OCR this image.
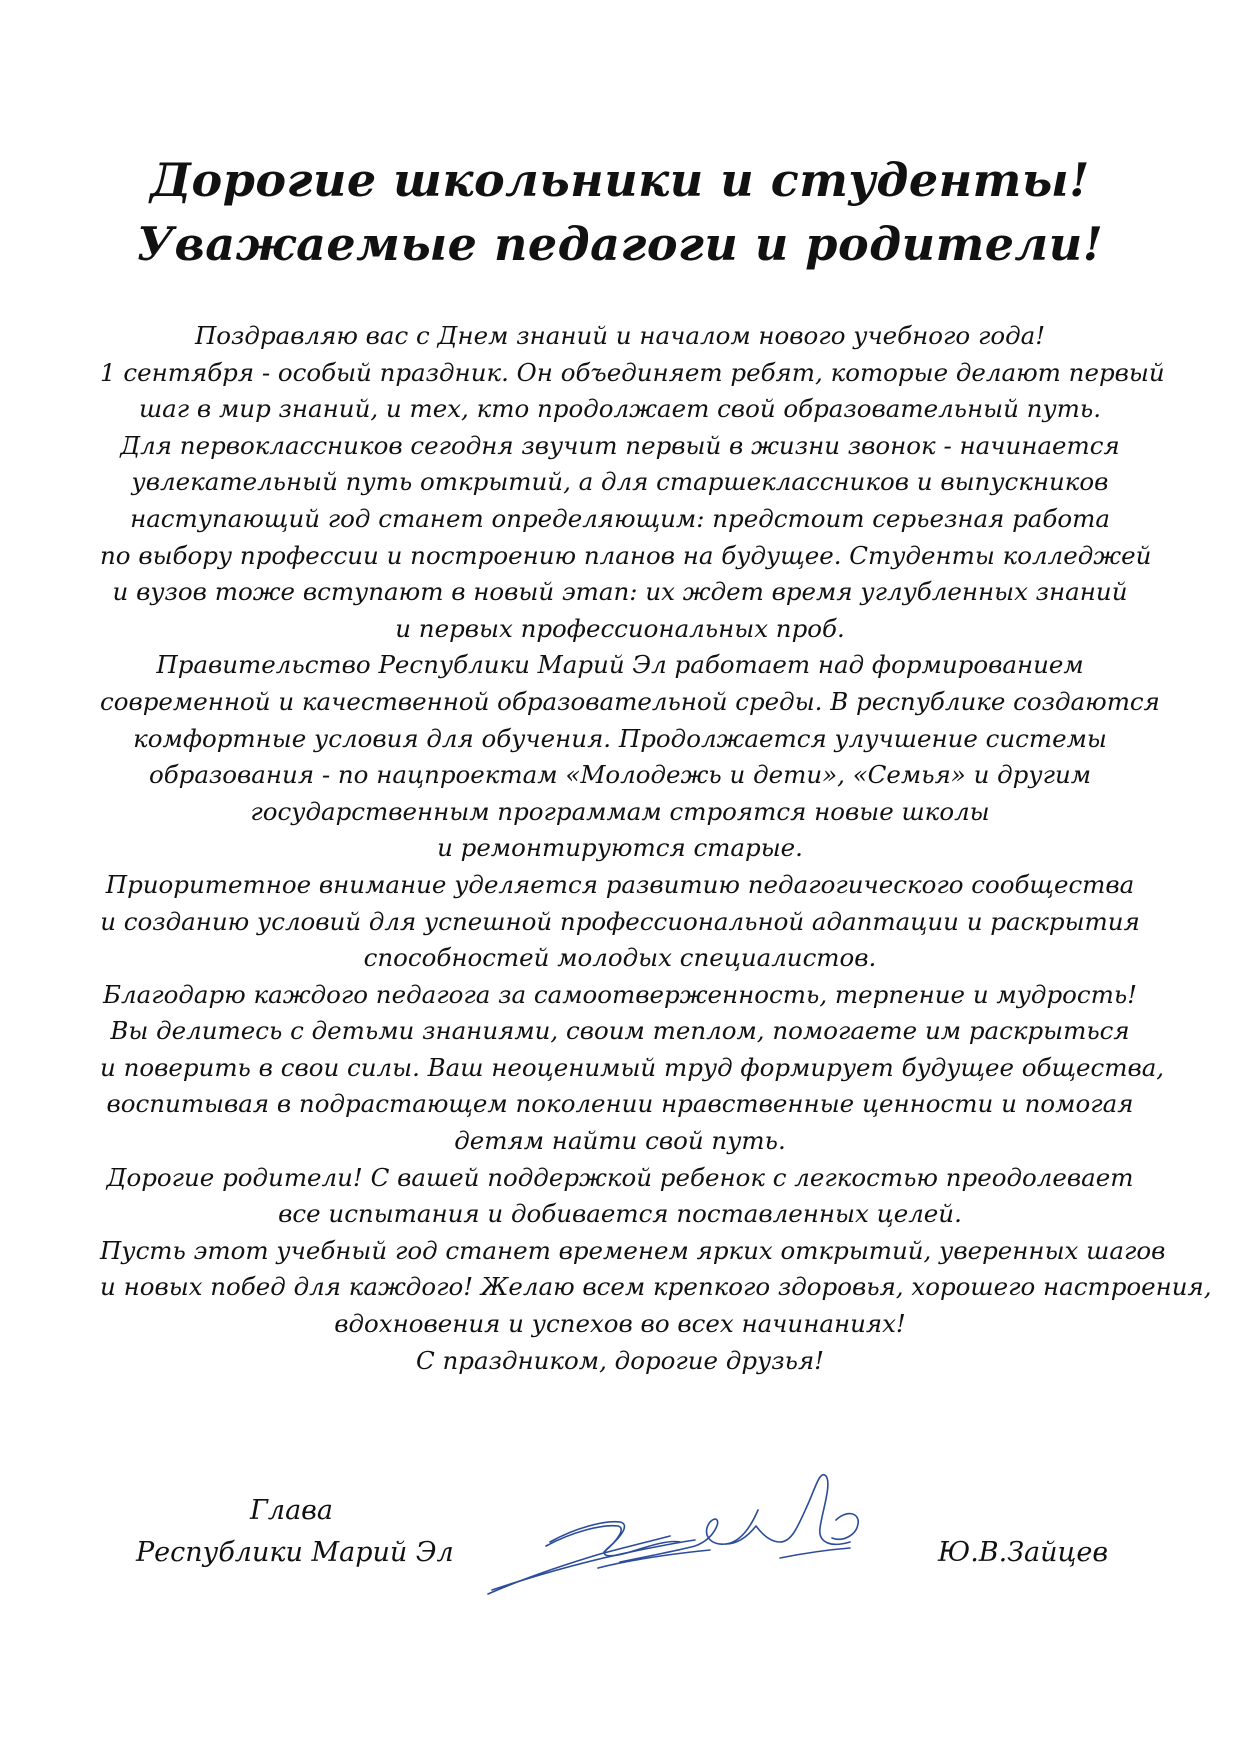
Дорогие школьники и студенты!
Уважаемые педагоги и родители!
Поздравляю вас с Днем знаний и началом нового учебного года!
1 сентября - особый праздник. Он объединяет ребят, которые делают первый
шаг в мир знаний, и тех, кто продолжает свой образовательный путь.
Для первоклассников сегодня звучит первый в жизни звонок - начинается
увлекательный путь открытий, а для старшеклассников и выпускников
наступающий год станет определяющим: предстоит серьезная работа
по выбору профессии и построению планов на будущее. Студенты колледжей
и вузов тоже вступают в новый этап: их ждет время углубленных знаний
и первых профессиональных проб.
Правительство Республики Марий Эл работает над формированием
современной и качественной образовательной среды. В республике создаются
комфортные условия для обучения. Продолжается улучшение системы
образования - по нацпроектам «Молодежь и дети», «Семья» и другим
государственным программам строятся новые школы
и ремонтируются старые.
Приоритетное внимание уделяется развитию педагогического сообщества
и созданию условий для успешной профессиональной адаптации и раскрытия
способностей молодых специалистов.
Благодарю каждого педагога за самоотверженность, терпение и мудрость!
Вы делитесь с детьми знаниями, своим теплом, помогаете им раскрыться
и поверить в свои силы. Ваш неоценимый труд формирует будущее общества,
воспитывая в подрастающем поколении нравственные ценности и помогая
детям найти свой путь.
Дорогие родители! С вашей поддержкой ребенок с легкостью преодолевает
все испытания и добивается поставленных целей.
Пусть этот учебный год станет временем ярких открытий, уверенных шагов
и новых побед для каждого! Желаю всем крепкого здоровья, хорошего настроения,
вдохновения и успехов во всех начинаниях!
С праздником, дорогие друзья!
Глава
Республики Марий Эл	Ю.В.Зайцев
